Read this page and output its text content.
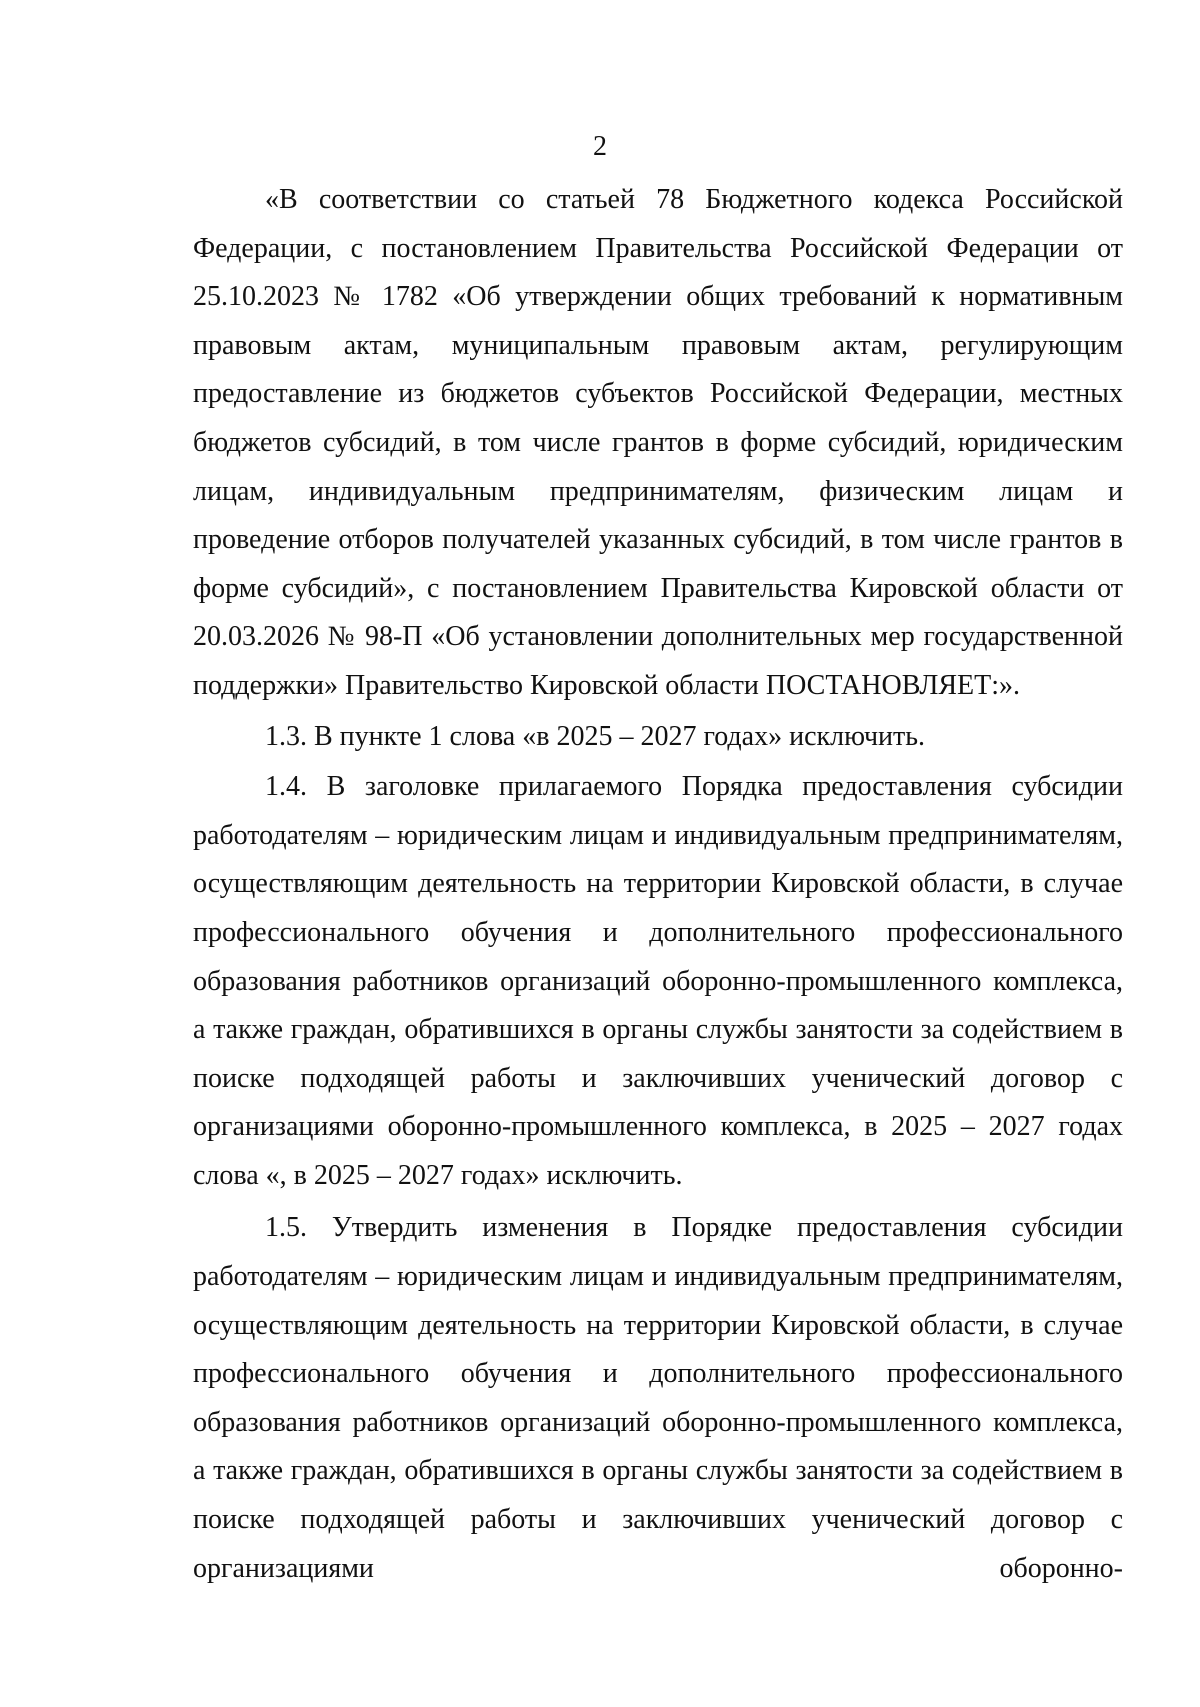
2

«В соответствии со статьей 78 Бюджетного кодекса Российской Федерации, с постановлением Правительства Российской Федерации от 25.10.2023 № 1782 «Об утверждении общих требований к нормативным правовым актам, муниципальным правовым актам, регулирующим предоставление из бюджетов субъектов Российской Федерации, местных бюджетов субсидий, в том числе грантов в форме субсидий, юридическим лицам, индивидуальным предпринимателям, физическим лицам и проведение отборов получателей указанных субсидий, в том числе грантов в форме субсидий», с постановлением Правительства Кировской области от 20.03.2026 № 98-П «Об установлении дополнительных мер государственной поддержки» Правительство Кировской области ПОСТАНОВЛЯЕТ:».

1.3. В пункте 1 слова «в 2025 – 2027 годах» исключить.

1.4. В заголовке прилагаемого Порядка предоставления субсидии работодателям – юридическим лицам и индивидуальным предпринимателям, осуществляющим деятельность на территории Кировской области, в случае профессионального обучения и дополнительного профессионального образования работников организаций оборонно-промышленного комплекса, а также граждан, обратившихся в органы службы занятости за содействием в поиске подходящей работы и заключивших ученический договор с организациями оборонно-промышленного комплекса, в 2025 – 2027 годах слова «, в 2025 – 2027 годах» исключить.

1.5. Утвердить изменения в Порядке предоставления субсидии работодателям – юридическим лицам и индивидуальным предпринимателям, осуществляющим деятельность на территории Кировской области, в случае профессионального обучения и дополнительного профессионального образования работников организаций оборонно-промышленного комплекса, а также граждан, обратившихся в органы службы занятости за содействием в поиске подходящей работы и заключивших ученический договор с организациями оборонно-
